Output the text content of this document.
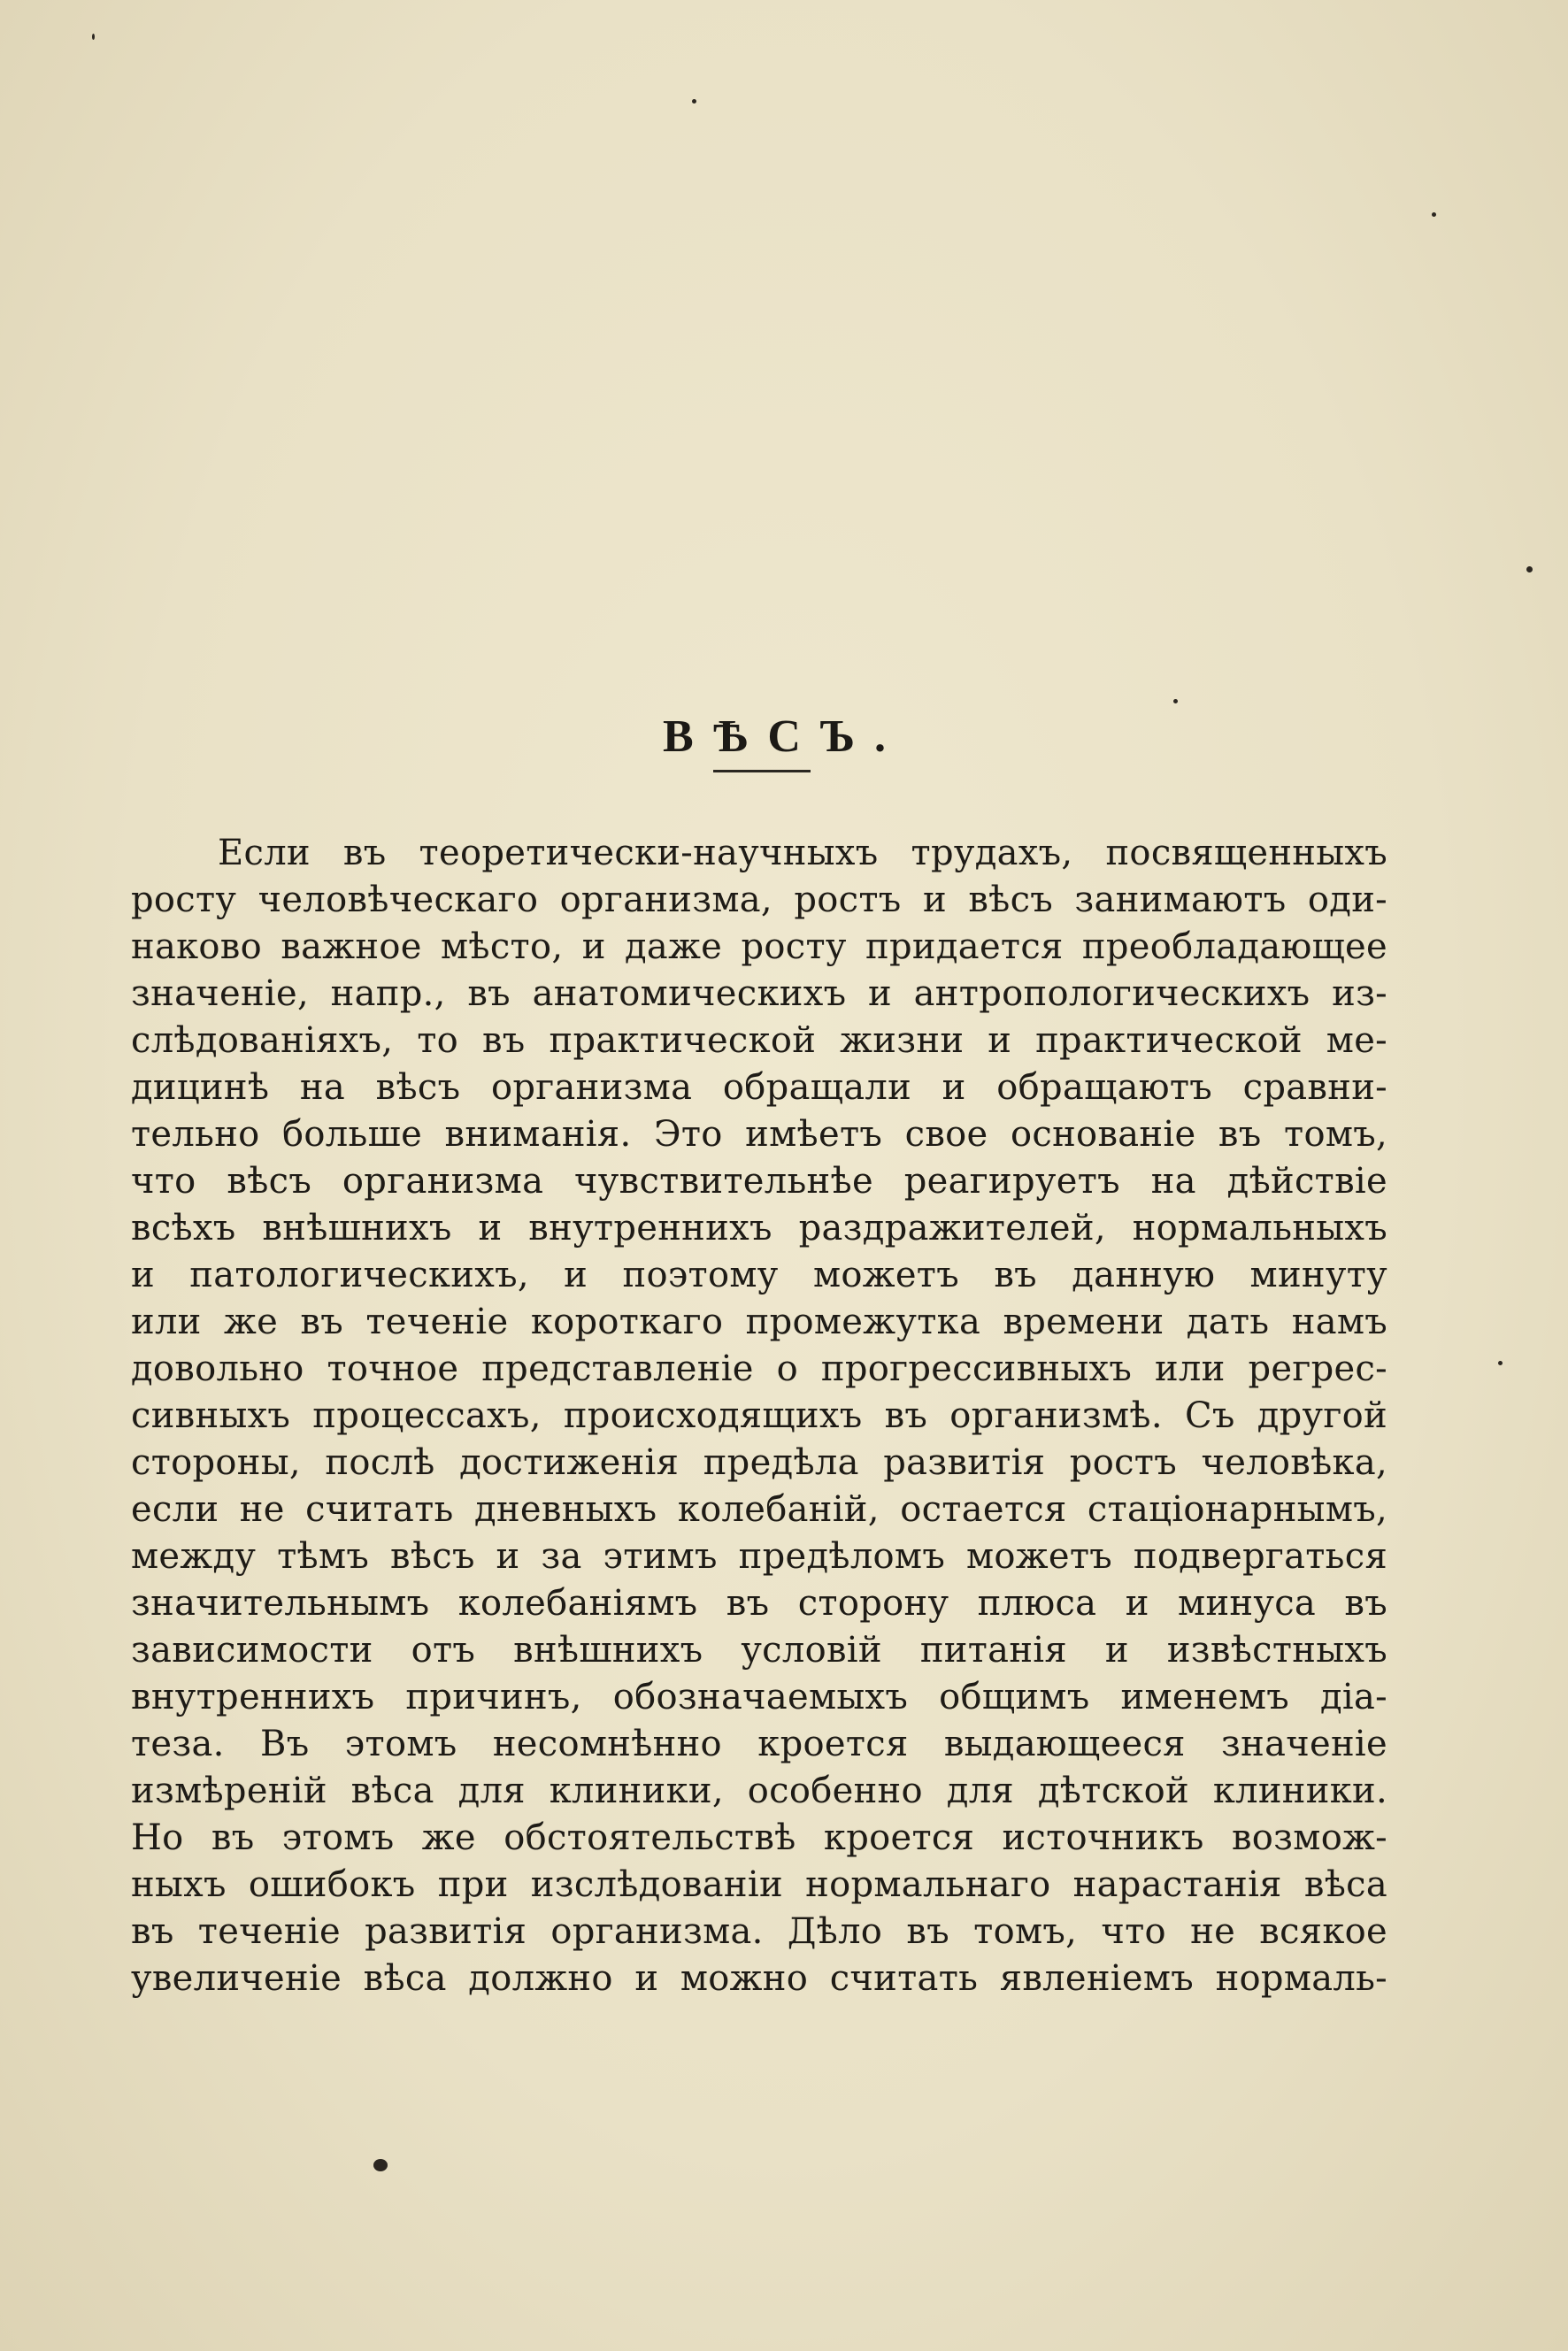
ВѢСЪ.
Если въ теоретически-научныхъ трудахъ, посвященныхъ
росту человѣческаго организма, ростъ и вѣсъ занимаютъ оди-
наково важное мѣсто, и даже росту придается преобладающее
значеніе, напр., въ анатомическихъ и антропологическихъ из-
слѣдованіяхъ, то въ практической жизни и практической ме-
дицинѣ на вѣсъ организма обращали и обращаютъ сравни-
тельно больше вниманія. Это имѣетъ свое основаніе въ томъ,
что вѣсъ организма чувствительнѣе реагируетъ на дѣйствіе
всѣхъ внѣшнихъ и внутреннихъ раздражителей, нормальныхъ
и патологическихъ, и поэтому можетъ въ данную минуту
или же въ теченіе короткаго промежутка времени дать намъ
довольно точное представленіе о прогрессивныхъ или регрес-
сивныхъ процессахъ, происходящихъ въ организмѣ. Съ другой
стороны, послѣ достиженія предѣла развитія ростъ человѣка,
если не считать дневныхъ колебаній, остается стаціонарнымъ,
между тѣмъ вѣсъ и за этимъ предѣломъ можетъ подвергаться
значительнымъ колебаніямъ въ сторону плюса и минуса въ
зависимости отъ внѣшнихъ условій питанія и извѣстныхъ
внутреннихъ причинъ, обозначаемыхъ общимъ именемъ діа-
теза. Въ этомъ несомнѣнно кроется выдающееся значеніе
измѣреній вѣса для клиники, особенно для дѣтской клиники.
Но въ этомъ же обстоятельствѣ кроется источникъ возмож-
ныхъ ошибокъ при изслѣдованіи нормальнаго нарастанія вѣса
въ теченіе развитія организма. Дѣло въ томъ, что не всякое
увеличеніе вѣса должно и можно считать явленіемъ нормаль-
